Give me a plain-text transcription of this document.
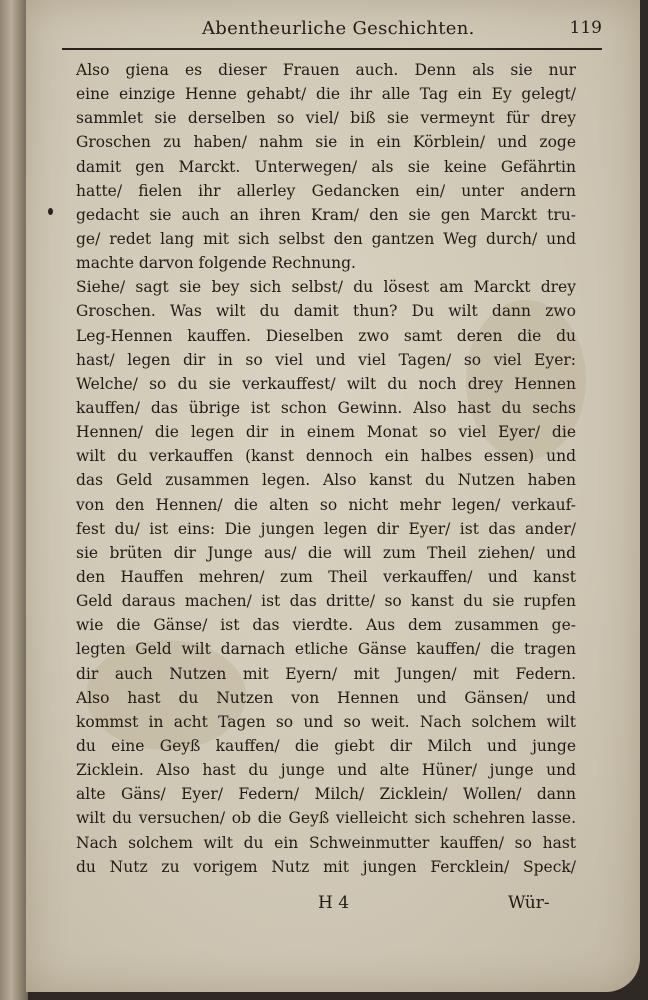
Abentheurliche Geschichten.	119
Also giena es dieser Frauen auch. Denn als sie nur
eine einzige Henne gehabt/ die ihr alle Tag ein Ey gelegt/
sammlet sie derselben so viel/ biß sie vermeynt für drey
Groschen zu haben/ nahm sie in ein Körblein/ und zoge
damit gen Marckt. Unterwegen/ als sie keine Gefährtin
hatte/ fielen ihr allerley Gedancken ein/ unter andern
gedacht sie auch an ihren Kram/ den sie gen Marckt tru-
ge/ redet lang mit sich selbst den gantzen Weg durch/ und
machte darvon folgende Rechnung.
Siehe/ sagt sie bey sich selbst/ du lösest am Marckt drey
Groschen. Was wilt du damit thun? Du wilt dann zwo
Leg-Hennen kauffen. Dieselben zwo samt deren die du
hast/ legen dir in so viel und viel Tagen/ so viel Eyer:
Welche/ so du sie verkauffest/ wilt du noch drey Hennen
kauffen/ das übrige ist schon Gewinn. Also hast du sechs
Hennen/ die legen dir in einem Monat so viel Eyer/ die
wilt du verkauffen (kanst dennoch ein halbes essen) und
das Geld zusammen legen. Also kanst du Nutzen haben
von den Hennen/ die alten so nicht mehr legen/ verkauf-
fest du/ ist eins: Die jungen legen dir Eyer/ ist das ander/
sie brüten dir Junge aus/ die will zum Theil ziehen/ und
den Hauffen mehren/ zum Theil verkauffen/ und kanst
Geld daraus machen/ ist das dritte/ so kanst du sie rupfen
wie die Gänse/ ist das vierdte. Aus dem zusammen ge-
legten Geld wilt darnach etliche Gänse kauffen/ die tragen
dir auch Nutzen mit Eyern/ mit Jungen/ mit Federn.
Also hast du Nutzen von Hennen und Gänsen/ und
kommst in acht Tagen so und so weit. Nach solchem wilt
du eine Geyß kauffen/ die giebt dir Milch und junge
Zicklein. Also hast du junge und alte Hüner/ junge und
alte Gäns/ Eyer/ Federn/ Milch/ Zicklein/ Wollen/ dann
wilt du versuchen/ ob die Geyß vielleicht sich schehren lasse.
Nach solchem wilt du ein Schweinmutter kauffen/ so hast
du Nutz zu vorigem Nutz mit jungen Fercklein/ Speck/
H 4	Wür-
